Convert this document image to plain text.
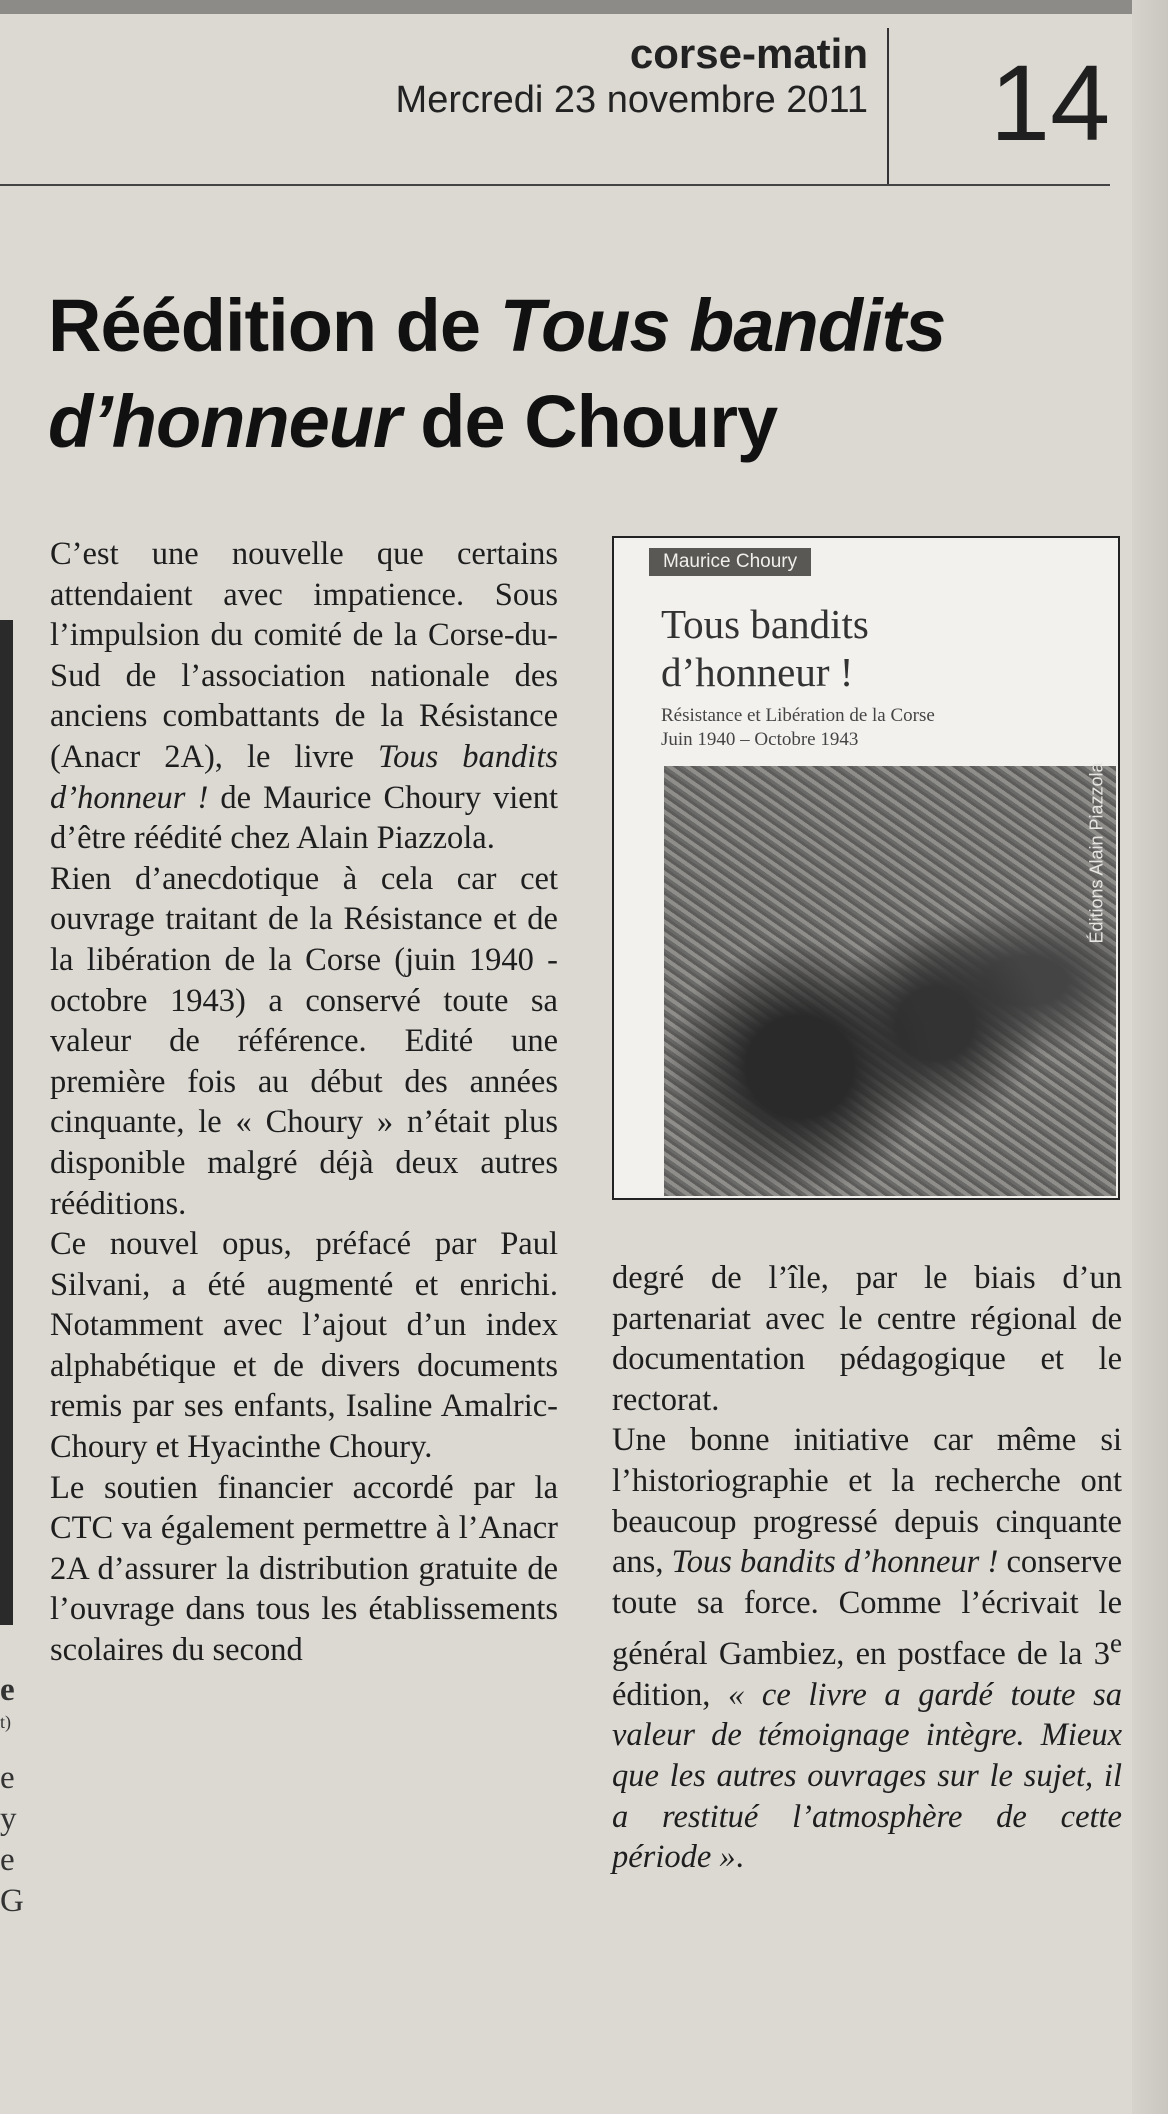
corse-matin
Mercredi 23 novembre 2011 14
Réédition de Tous bandits
d’honneur de Choury
e
t)
e
y
e
G

C’est une nouvelle que certains attendaient avec impatience. Sous l’impulsion du comité de la Corse-du-Sud de l’association nationale des anciens combattants de la Résistance (Anacr 2A), le livre Tous bandits d’honneur ! de Maurice Choury vient d’être réédité chez Alain Piazzola.

Rien d’anecdotique à cela car cet ouvrage traitant de la Résistance et de la libération de la Corse (juin 1940 - octobre 1943) a conservé toute sa valeur de référence. Edité une première fois au début des années cinquante, le « Choury » n’était plus disponible malgré déjà deux autres rééditions.

Ce nouvel opus, préfacé par Paul Silvani, a été augmenté et enrichi. Notamment avec l’ajout d’un index alphabétique et de divers documents remis par ses enfants, Isaline Amalric-Choury et Hyacinthe Choury.

Le soutien financier accordé par la CTC va également permettre à l’Anacr 2A d’assurer la distribution gratuite de l’ouvrage dans tous les établissements scolaires du second

Maurice Choury
Tous bandits
d’honneur !
Résistance et Libération de la Corse
Juin 1940 – Octobre 1943
Éditions Alain Piazzola

degré de l’île, par le biais d’un partenariat avec le centre régional de documentation pédagogique et le rectorat.

Une bonne initiative car même si l’historiographie et la recherche ont beaucoup progressé depuis cinquante ans, Tous bandits d’honneur ! conserve toute sa force. Comme l’écrivait le général Gambiez, en postface de la 3e édition, « ce livre a gardé toute sa valeur de témoignage intègre. Mieux que les autres ouvrages sur le sujet, il a restitué l’atmosphère de cette période ».
